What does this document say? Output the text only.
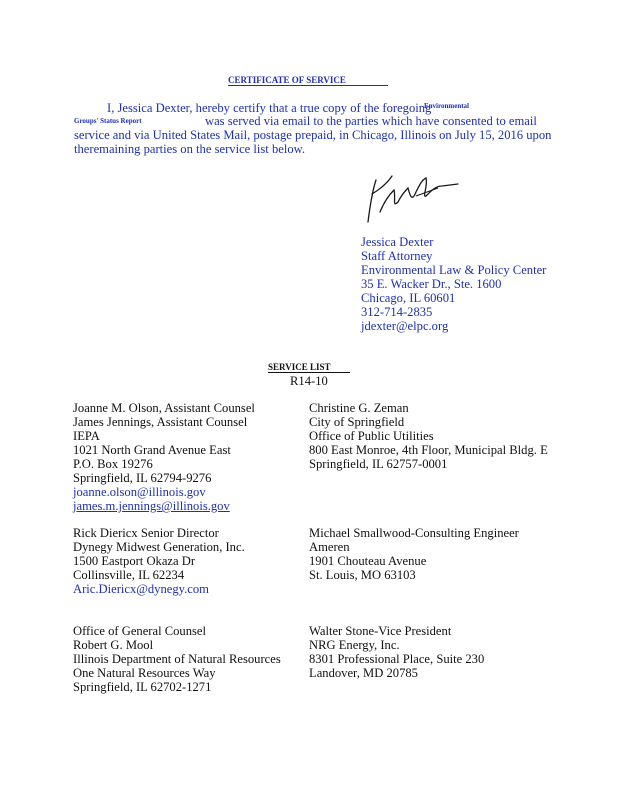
CERTIFICATE OF SERVICE
I, Jessica Dexter, hereby certify that a true copy of the foregoing
Environmental
Groups' Status Report	was served via email to the parties which have consented to email
service and via United States Mail, postage prepaid, in Chicago, Illinois on July 15, 2016 upon
theremaining parties on the service list below.
Jessica Dexter
Staff Attorney
Environmental Law & Policy Center
35 E. Wacker Dr., Ste. 1600
Chicago, IL 60601
312-714-2835
jdexter@elpc.org
SERVICE LIST
R14-10
Joanne M. Olson, Assistant Counsel
James Jennings, Assistant Counsel
IEPA
1021 North Grand Avenue East
P.O. Box 19276
Springfield, IL 62794-9276
joanne.olson@illinois.gov
james.m.jennings@illinois.gov
Rick Diericx Senior Director
Dynegy Midwest Generation, Inc.
1500 Eastport Okaza Dr
Collinsville, IL 62234
Aric.Diericx@dynegy.com
Office of General Counsel
Robert G. Mool
Illinois Department of Natural Resources
One Natural Resources Way
Springfield, IL 62702-1271
Christine G. Zeman
City of Springfield
Office of Public Utilities
800 East Monroe, 4th Floor, Municipal Bldg. E
Springfield, IL 62757-0001
Michael Smallwood-Consulting Engineer
Ameren
1901 Chouteau Avenue
St. Louis, MO 63103
Walter Stone-Vice President
NRG Energy, Inc.
8301 Professional Place, Suite 230
Landover, MD 20785
